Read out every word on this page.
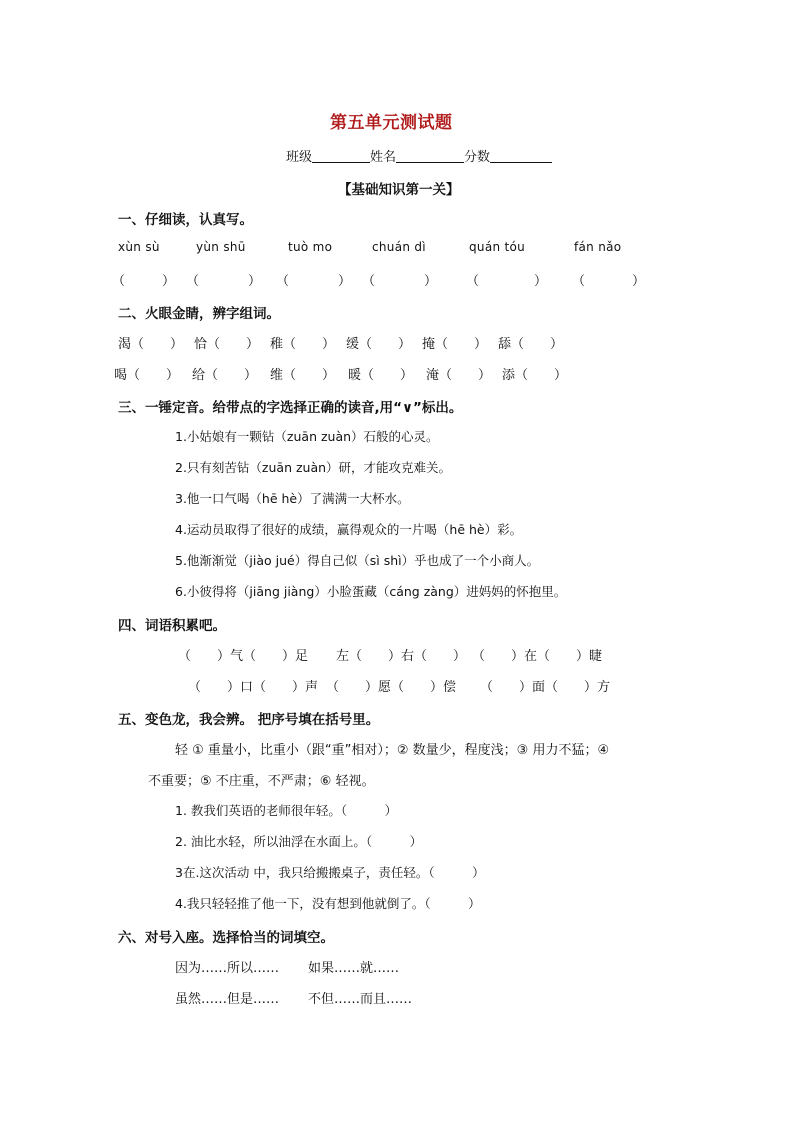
第五单元测试题
班级	姓名	分数
【基础知识第一关】
一、仔细读，认真写。
xùn sù	yùn shū	tuò mo	chuán dì	quán tóu	fán nǎo
（	） （	） （	） （	） （	） （	）
二、火眼金睛，辨字组词。
渴（　　） 恰（　　） 稚（　　） 缓（　　） 掩（　　） 舔（　　）
喝（　　） 给（　　） 维（　　） 暖（　　） 淹（　　） 添（　　）
三、一锤定音。给带点的字选择正确的读音,用“∨”标出。
1.小姑娘有一颗钻（zuān zuàn）石般的心灵。
2.只有刻苦钻（zuān zuàn）研，才能攻克难关。
3.他一口气喝（hē hè）了满满一大杯水。
4.运动员取得了很好的成绩，赢得观众的一片喝（hē hè）彩。
5.他渐渐觉（jiào jué）得自己似（sì shì）乎也成了一个小商人。
6.小彼得将（jiāng jiàng）小脸蛋藏（cáng zàng）进妈妈的怀抱里。
四、词语积累吧。
（　　）气（　　）足 左（　　）右（　　） （　　）在（　　）睫
（　　）口（　　）声 （　　）愿（　　）偿 （　　）面（　　）方
五、变色龙，我会辨。 把序号填在括号里。
轻 ① 重量小，比重小（跟“重”相对）；② 数量少，程度浅；③ 用力不猛；④
不重要；⑤ 不庄重，不严肃；⑥ 轻视。
1. 教我们英语的老师很年轻。（　　　）
2. 油比水轻，所以油浮在水面上。（　　　）
3在.这次活动 中，我只给搬搬桌子，责任轻。（　　　）
4.我只轻轻推了他一下，没有想到他就倒了。（　　　）
六、对号入座。选择恰当的词填空。
因为……所以…… 如果……就……
虽然……但是…… 不但……而且……
